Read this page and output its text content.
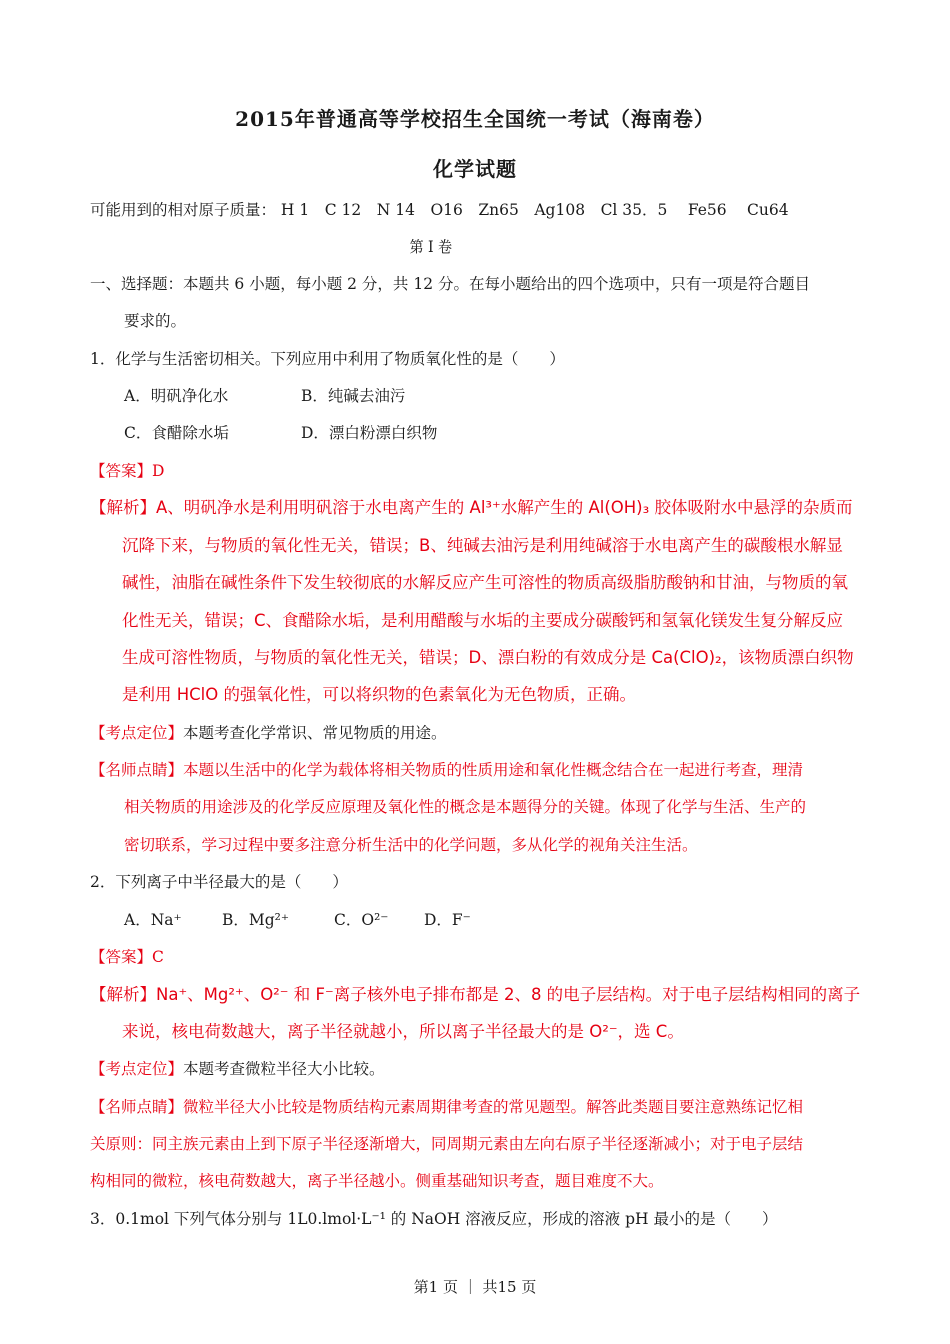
2015年普通高等学校招生全国统一考试（海南卷）
化学试题
可能用到的相对原子质量： H 1　C 12　N 14　O16　Zn65　Ag108　Cl 35．5　 Fe56　 Cu64
第 I 卷
一、选择题：本题共 6 小题，每小题 2 分，共 12 分。在每小题给出的四个选项中，只有一项是符合题目
要求的。
1．化学与生活密切相关。下列应用中利用了物质氧化性的是（　　）
A．明矾净化水	B．纯碱去油污
C．食醋除水垢	D．漂白粉漂白织物
【答案】D
【解析】A、明矾净水是利用明矾溶于水电离产生的 Al³⁺水解产生的 Al(OH)₃ 胶体吸附水中悬浮的杂质而
沉降下来，与物质的氧化性无关，错误；B、纯碱去油污是利用纯碱溶于水电离产生的碳酸根水解显
碱性，油脂在碱性条件下发生较彻底的水解反应产生可溶性的物质高级脂肪酸钠和甘油，与物质的氧
化性无关，错误；C、食醋除水垢，是利用醋酸与水垢的主要成分碳酸钙和氢氧化镁发生复分解反应
生成可溶性物质，与物质的氧化性无关，错误；D、漂白粉的有效成分是 Ca(ClO)₂，该物质漂白织物
是利用 HClO 的强氧化性，可以将织物的色素氧化为无色物质，正确。
【考点定位】本题考查化学常识、常见物质的用途。
【名师点睛】本题以生活中的化学为载体将相关物质的性质用途和氧化性概念结合在一起进行考查，理清
相关物质的用途涉及的化学反应原理及氧化性的概念是本题得分的关键。体现了化学与生活、生产的
密切联系，学习过程中要多注意分析生活中的化学问题，多从化学的视角关注生活。
2．下列离子中半径最大的是（　　）
A．Na⁺	B．Mg²⁺	C．O²⁻ D．F⁻
【答案】C
【解析】Na⁺、Mg²⁺、O²⁻ 和 F⁻离子核外电子排布都是 2、8 的电子层结构。对于电子层结构相同的离子
来说，核电荷数越大，离子半径就越小，所以离子半径最大的是 O²⁻，选 C。
【考点定位】本题考查微粒半径大小比较。
【名师点睛】微粒半径大小比较是物质结构元素周期律考查的常见题型。解答此类题目要注意熟练记忆相
关原则：同主族元素由上到下原子半径逐渐增大，同周期元素由左向右原子半径逐渐减小；对于电子层结
构相同的微粒，核电荷数越大，离子半径越小。侧重基础知识考查，题目难度不大。
3．0.1mol 下列气体分别与 1L0.lmol·L⁻¹ 的 NaOH 溶液反应，形成的溶液 pH 最小的是（　　）
第1 页 ｜ 共15 页
